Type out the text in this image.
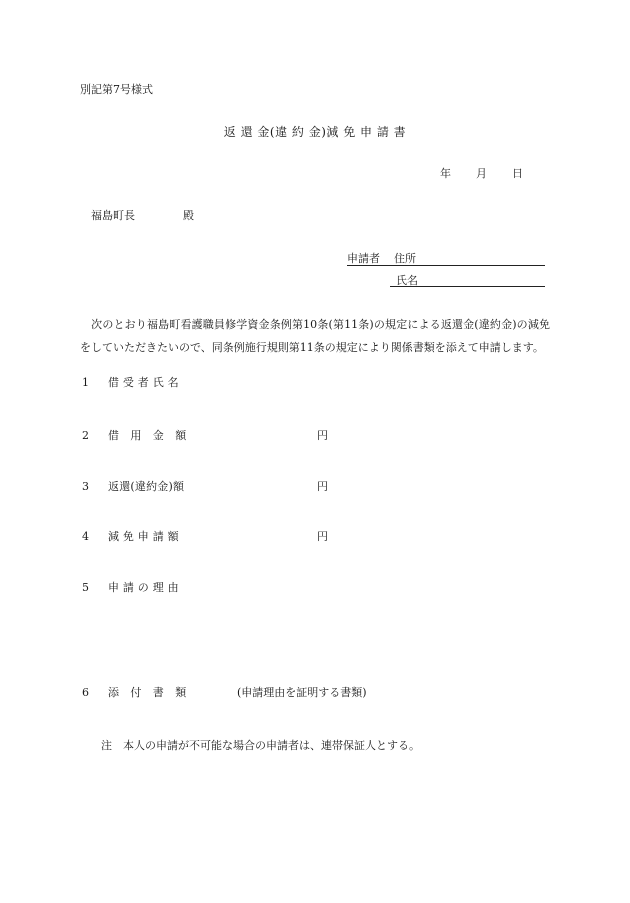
別記第7号様式
返 還 金(違 約 金)減 免 申 請 書
年 月 日
福島町長	殿
申請者 住所
氏名
　次のとおり福島町看護職員修学資金条例第10条(第11条)の規定による返還金(違約金)の減免をしていただきたいので、同条例施行規則第11条の規定により関係書類を添えて申請します。
1 借 受 者 氏 名
2 借　用　金　額	円
3 返還(違約金)額	円
4 減 免 申 請 額	円
5 申 請 の 理 由
6 添　付　書　類	(申請理由を証明する書類)
注　本人の申請が不可能な場合の申請者は、連帯保証人とする。
